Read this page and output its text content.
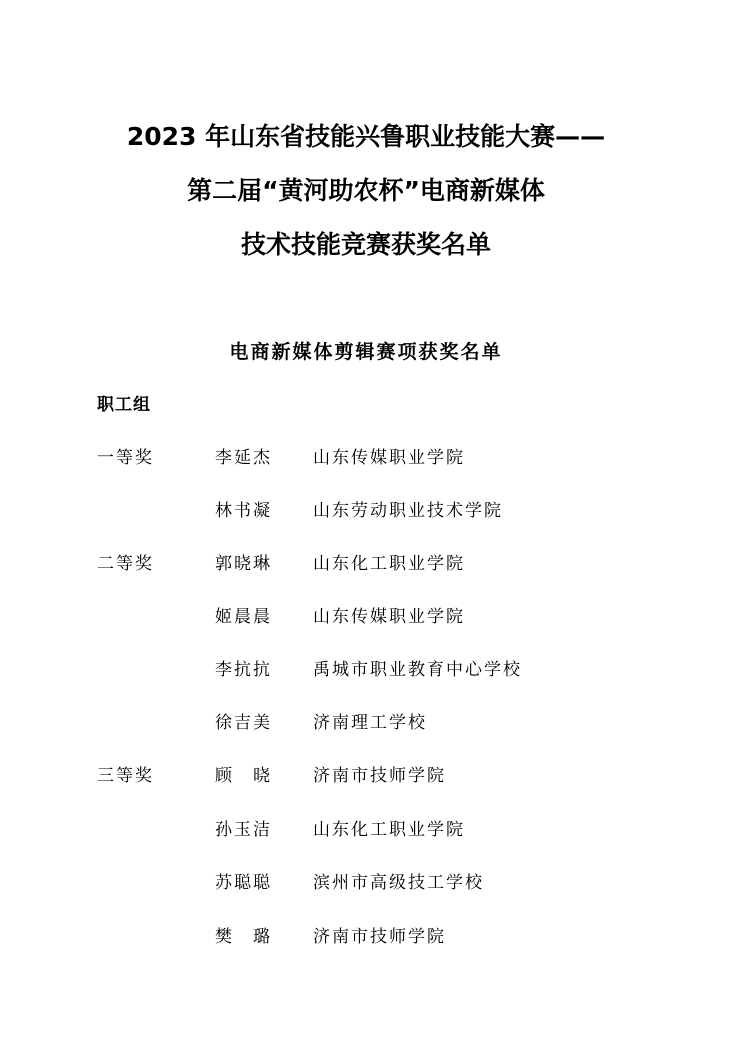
2023 年山东省技能兴鲁职业技能大赛——
第二届“黄河助农杯”电商新媒体
技术技能竞赛获奖名单
电商新媒体剪辑赛项获奖名单
职工组
一等奖	李延杰 山东传媒职业学院
林书凝 山东劳动职业技术学院
二等奖	郭晓琳 山东化工职业学院
姬晨晨 山东传媒职业学院
李抗抗 禹城市职业教育中心学校
徐吉美 济南理工学校
三等奖	顾　晓 济南市技师学院
孙玉洁 山东化工职业学院
苏聪聪 滨州市高级技工学校
樊　璐 济南市技师学院
